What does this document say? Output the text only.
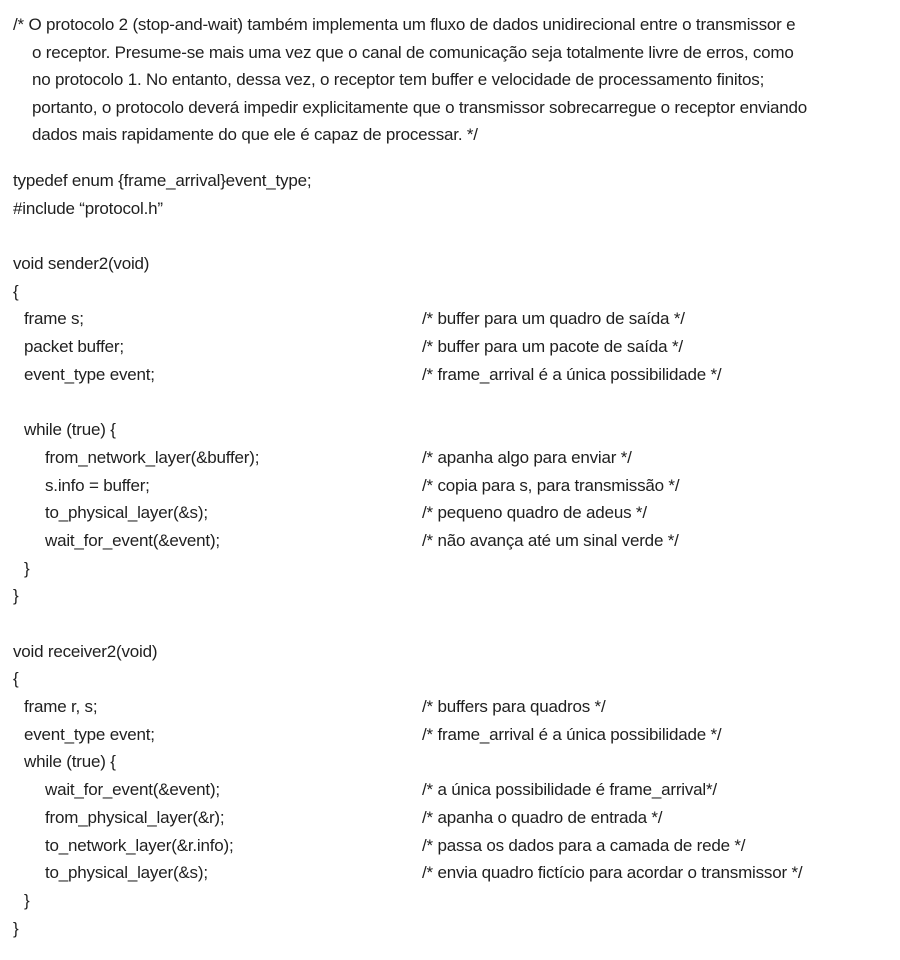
/* O protocolo 2 (stop-and-wait) também implementa um fluxo de dados unidirecional entre o transmissor e
o receptor. Presume-se mais uma vez que o canal de comunicação seja totalmente livre de erros, como
no protocolo 1. No entanto, dessa vez, o receptor tem buffer e velocidade de processamento finitos;
portanto, o protocolo deverá impedir explicitamente que o transmissor sobrecarregue o receptor enviando
dados mais rapidamente do que ele é capaz de processar. */
typedef enum {frame_arrival}event_type;
#include “protocol.h”
void sender2(void)
{
frame s;	/* buffer para um quadro de saída */
packet buffer;	/* buffer para um pacote de saída */
event_type event;	/* frame_arrival é a única possibilidade */
while (true) {
from_network_layer(&buffer);	/* apanha algo para enviar */
s.info = buffer;	/* copia para s, para transmissão */
to_physical_layer(&s);	/* pequeno quadro de adeus */
wait_for_event(&event);	/* não avança até um sinal verde */
}
}
void receiver2(void)
{
frame r, s;	/* buffers para quadros */
event_type event;	/* frame_arrival é a única possibilidade */
while (true) {
wait_for_event(&event);	/* a única possibilidade é frame_arrival*/
from_physical_layer(&r);	/* apanha o quadro de entrada */
to_network_layer(&r.info);	/* passa os dados para a camada de rede */
to_physical_layer(&s);	/* envia quadro fictício para acordar o transmissor */
}
}
